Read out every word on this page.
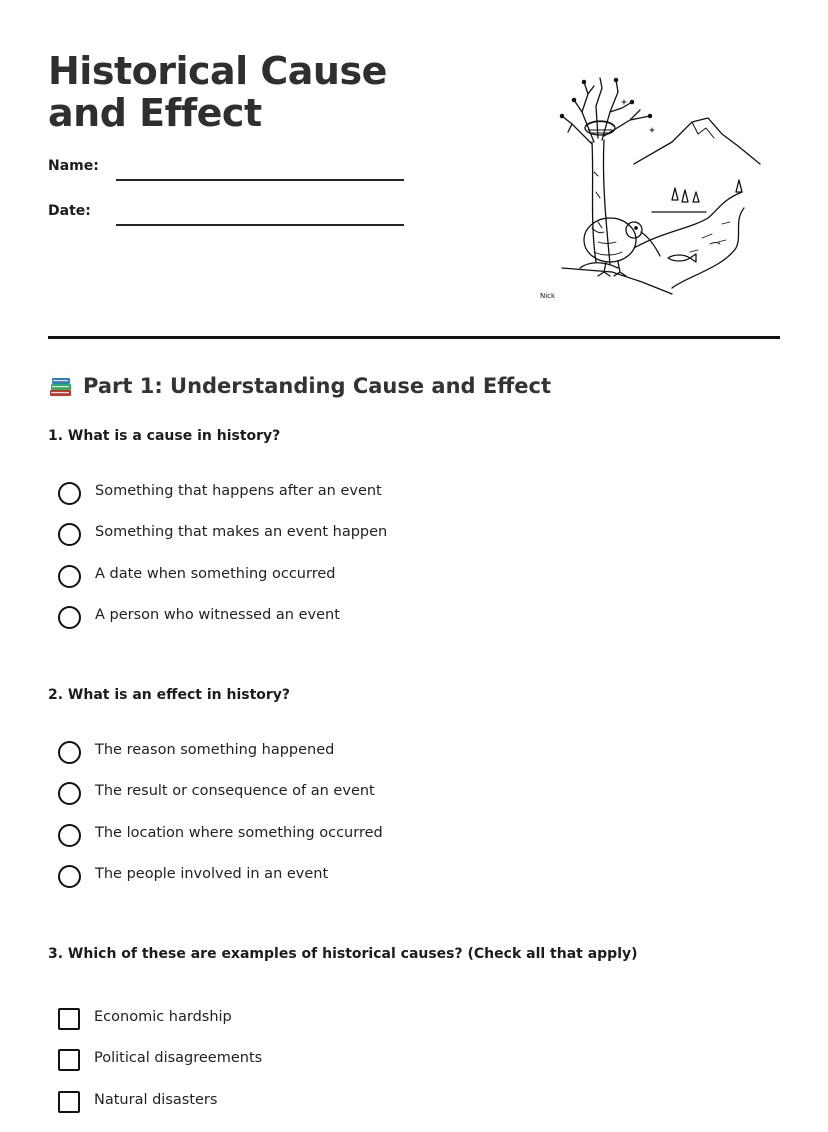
Historical Cause and Effect
Name:
Date:
Nick
Part 1: Understanding Cause and Effect

1. What is a cause in history?

Something that happens after an event
Something that makes an event happen
A date when something occurred
A person who witnessed an event

2. What is an effect in history?

The reason something happened
The result or consequence of an event
The location where something occurred
The people involved in an event

3. Which of these are examples of historical causes? (Check all that apply)

Economic hardship
Political disagreements
Natural disasters
